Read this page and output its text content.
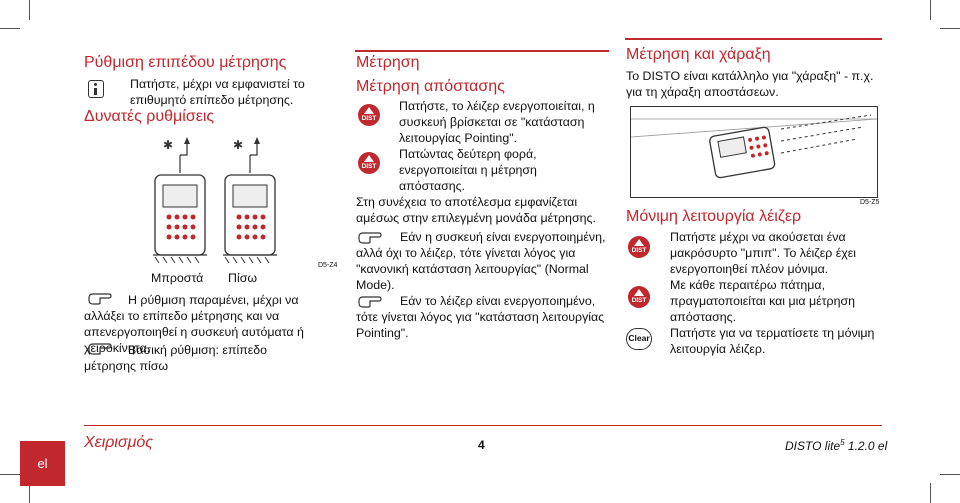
Ρύθμιση επιπέδου μέτρησης
Πατήστε, μέχρι να εμφανιστεί το επιθυμητό επίπεδο μέτρησης.
Δυνατές ρυθμίσεις
✱	✱
D5-Z4
Μπροστά Πίσω
Η ρύθμιση παραμένει, μέχρι να αλλάξει το επίπεδο μέτρησης και να απενεργοποιηθεί η συσκευή αυτόματα ή χειροκίνητα.
Βασική ρύθμιση: επίπεδο μέτρησης πίσω
Μέτρηση
Μέτρηση απόστασης
DIST
Πατήστε, το λέιζερ ενεργοποιείται, η συσκευή βρίσκεται σε "κατάσταση λειτουργίας Pointing".
DIST
Πατώντας δεύτερη φορά, ενεργοποιείται η μέτρηση απόστασης.
Στη συνέχεια το αποτέλεσμα εμφανίζεται αμέσως στην επιλεγμένη μονάδα μέτρησης.
Εάν η συσκευή είναι ενεργοποιημένη, αλλά όχι το λέιζερ, τότε γίνεται λόγος για "κανονική κατάσταση λειτουργίας" (Normal Mode).
Εάν το λέιζερ είναι ενεργοποιημένο, τότε γίνεται λόγος για "κατάσταση λειτουργίας Pointing".
Μέτρηση και χάραξη
Το DISTO είναι κατάλληλο για "χάραξη" - π.χ. για τη χάραξη αποστάσεων.
D5-Z5
Μόνιμη λειτουργία λέιζερ
DIST
Πατήστε μέχρι να ακούσεται ένα μακρόσυρτο "μπιπ". Το λέιζερ έχει ενεργοποιηθεί πλέον μόνιμα.
DIST
Με κάθε περαιτέρω πάτημα, πραγματοποιείται και μια μέτρηση απόστασης.
Clear Πατήστε για να τερματίσετε τη μόνιμη λειτουργία λέιζερ.
el
Χειρισμός	4	DISTO lite$^5$ 1.2.0 el
